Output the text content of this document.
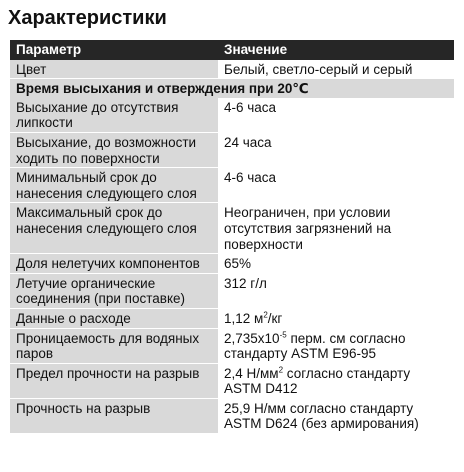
Характеристики
Параметр	Значение
Цвет	Белый, светло-серый и серый
Время высыхания и отверждения при 20℃	
Высыхание до отсутствия липкости	4-6 часа
Высыхание, до возможности ходить по поверхности	24 часа
Минимальный срок до нанесения следующего слоя	4-6 часа
Максимальный срок до нанесения следующего слоя	Неограничен, при условии отсутствия загрязнений на поверхности
Доля нелетучих компонентов	65%
Летучие органические соединения (при поставке)	312 г/л
Данные о расходе	1,12 $м^2/кг$
Проницаемость для водяных паров	$2,735x10^{-5}$ перм. см согласно стандарту ASTM E96-95
Предел прочности на разрыв	2,4 $Н/мм^2$ согласно стандарту ASTM D412
Прочность на разрыв	25,9 Н/мм согласно стандарту ASTM D624 (без армирования)
